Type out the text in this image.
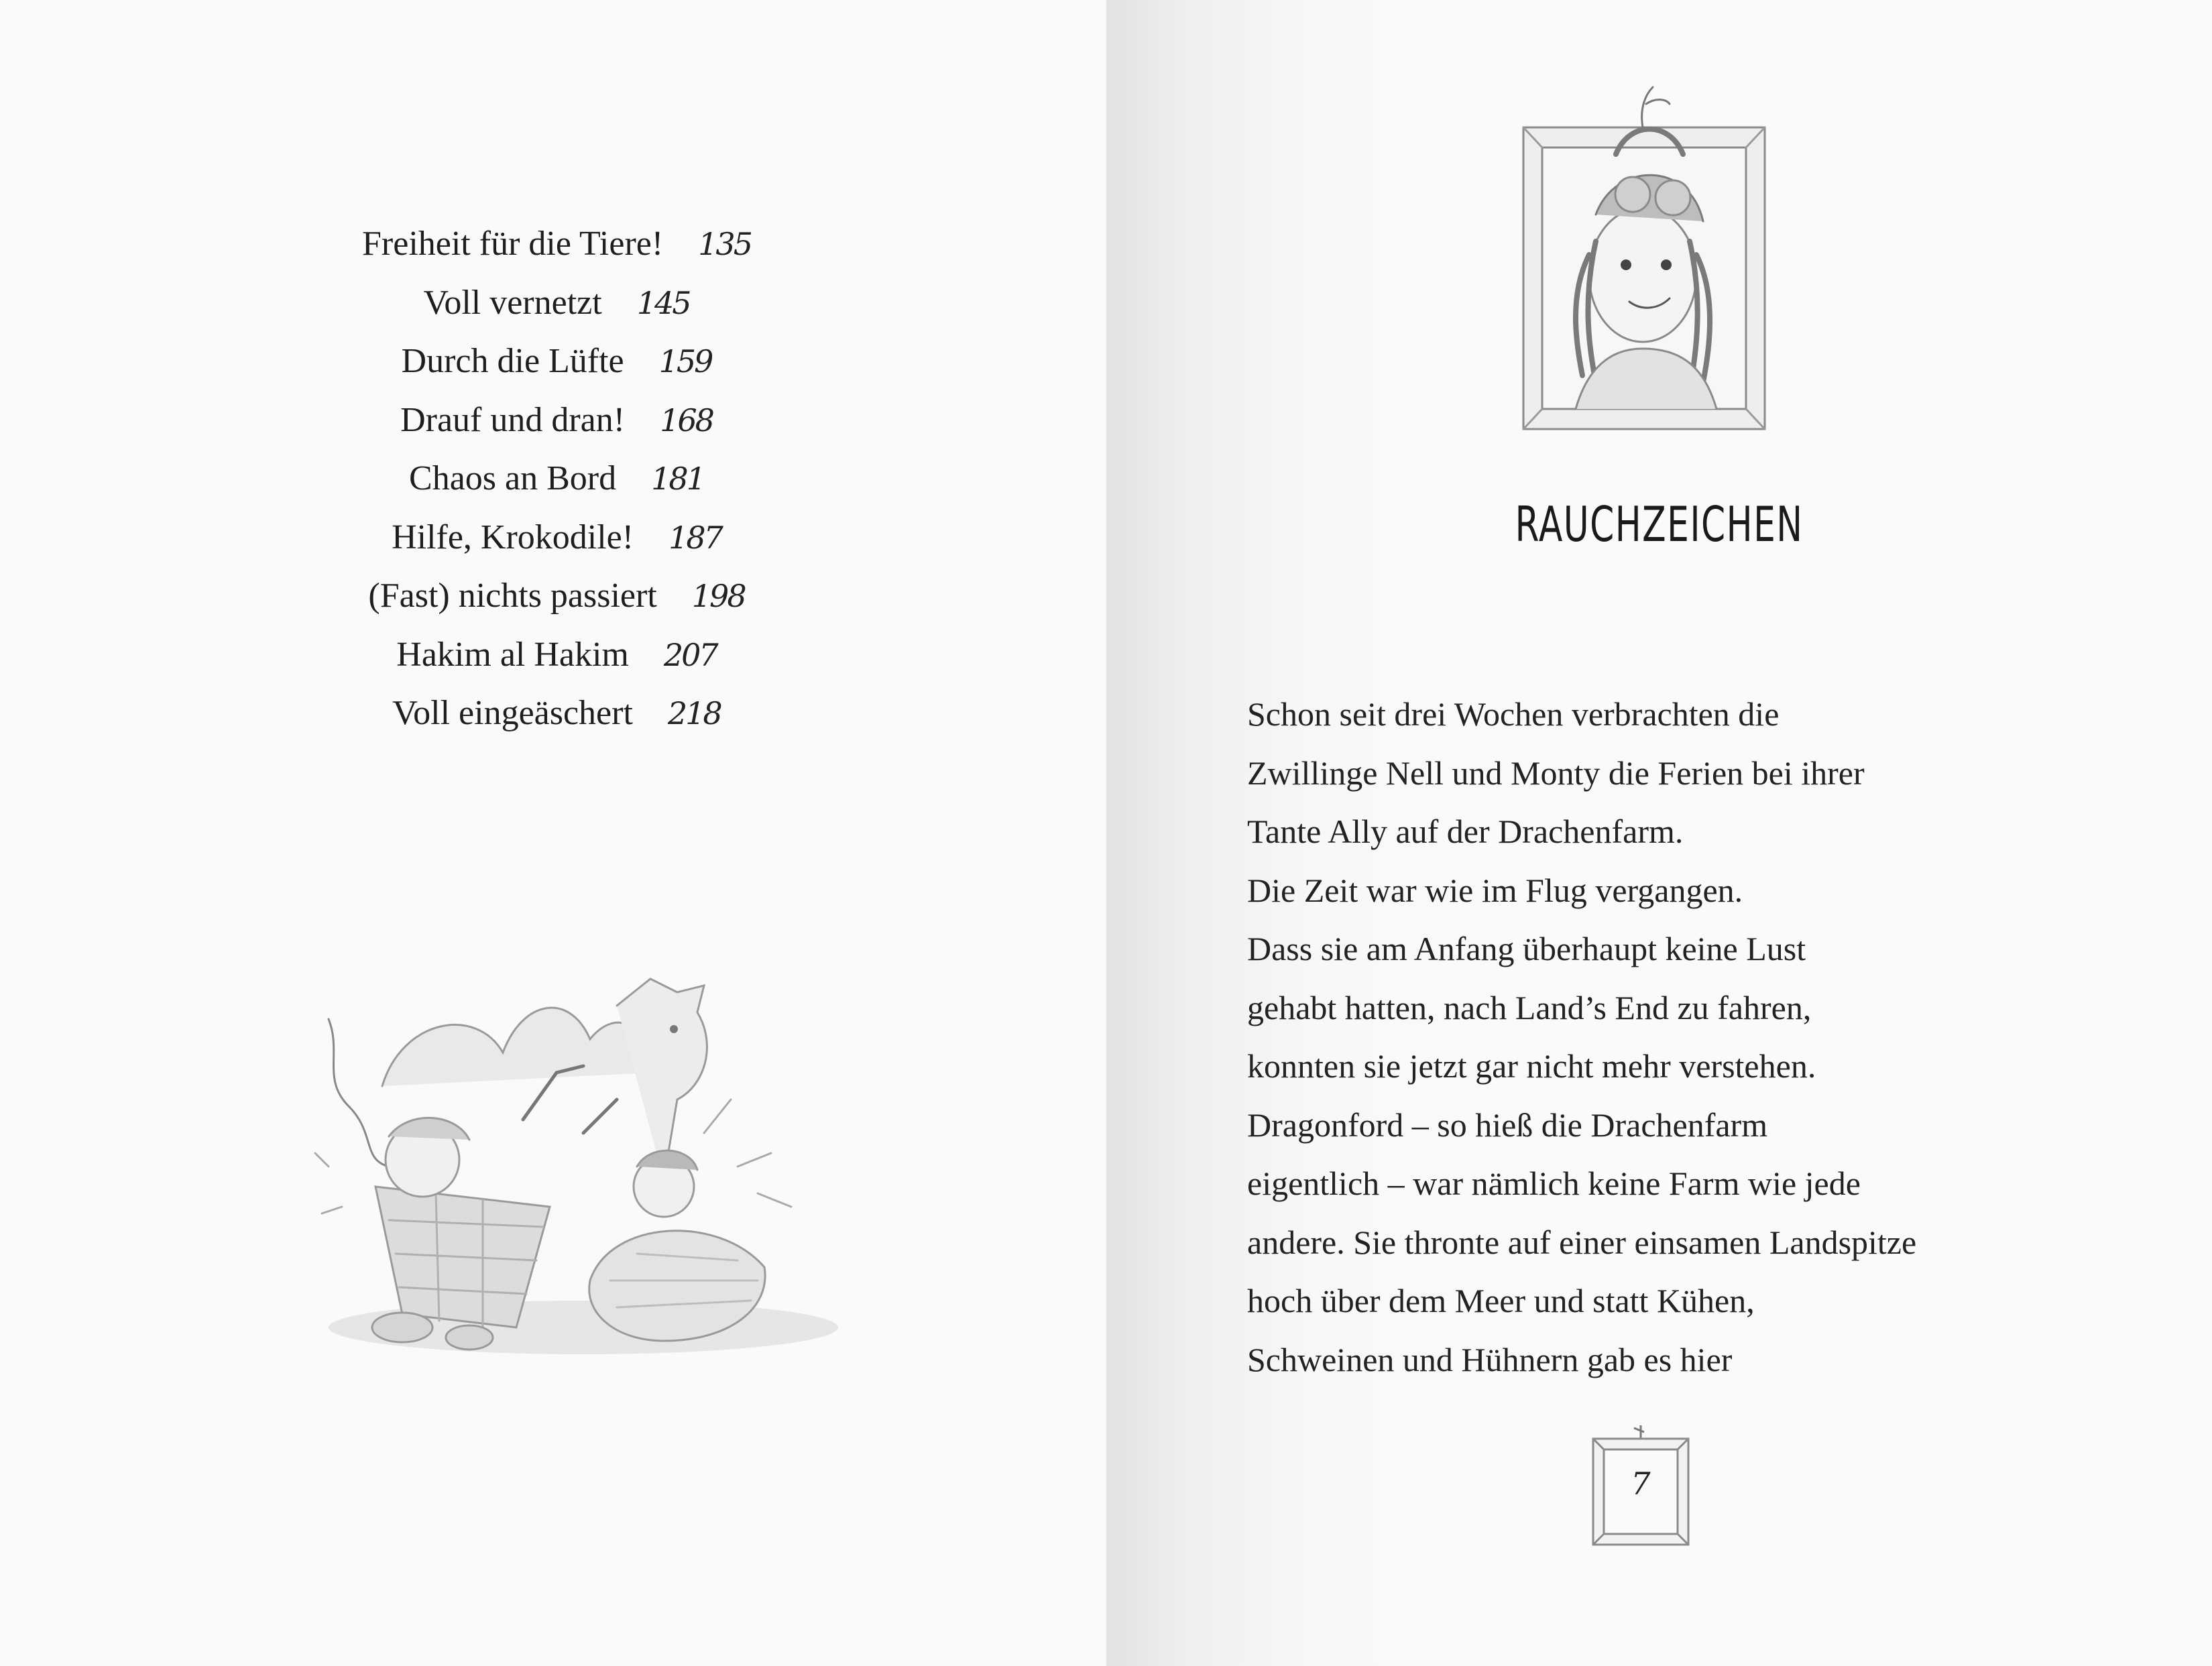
Freiheit für die Tiere! 135
Voll vernetzt 145
Durch die Lüfte 159
Drauf und dran! 168
Chaos an Bord 181
Hilfe, Krokodile! 187
(Fast) nichts passiert 198
Hakim al Hakim 207
Voll eingeäschert 218
RAUCHZEICHEN
Schon seit drei Wochen verbrachten die
Zwillinge Nell und Monty die Ferien bei ihrer
Tante Ally auf der Drachenfarm.
Die Zeit war wie im Flug vergangen.
Dass sie am Anfang überhaupt keine Lust
gehabt hatten, nach Land’s End zu fahren,
konnten sie jetzt gar nicht mehr verstehen.
Dragonford – so hieß die Drachenfarm
eigentlich – war nämlich keine Farm wie jede
andere. Sie thronte auf einer einsamen Landspitze
hoch über dem Meer und statt Kühen,
Schweinen und Hühnern gab es hier
7
